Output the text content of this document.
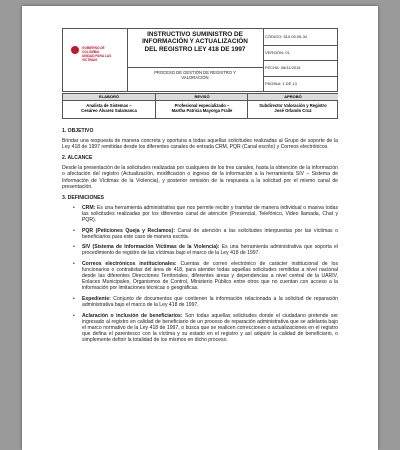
GOBIERNO DE
COLOMBIA
UNIDAD PARA LAS VÍCTIMAS
INSTRUCTIVO SUMINISTRO DE
INFORMACIÓN Y ACTUALIZACIÓN
DEL REGISTRO LEY 418 DE 1997
PROCESO DE GESTIÓN DE REGISTRO Y
VALORACIÓN
CÓDIGO: 510.05.05-34
VERSIÓN: 01
FECHA: 08/11/2016
PÁGINA: 1 DE 13
ELABORÓ
Analista de Sistemas –
Cesáreo Álvarez Salamanca
REVISÓ
Profesional especializado –
Martha Patricia Mayorga Fraile
APROBÓ
Subdirector Valoración y Registro
José Orlando Cruz

1. OBJETIVO

Brindar una respuesta de manera concreta y oportuna a todas aquellas solicitudes realizadas al Grupo de soporte de la Ley 418 de 1997 remitidas desde los diferentes canales de entrada CRM, PQR (Canal escrito) y Correos electrónicos.

2. ALCANCE

Desde la presentación de la solicitudes realizadas por cualquiera de los tres canales, hasta la obtención de la información o afectación del registro (Actualización, modificación o ingreso de la información a la herramienta SIV – Sistema de Información de Víctimas de la Violencia), y posterior remisión de la respuesta a la solicitud por el mismo canal de presentación.

3. DEFINICIONES

• CRM: Es una herramienta administrativa que nos permite recibir y tramitar de manera individual o masiva todas las solicitudes realizadas por los diferentes canal de atención (Presencial, Telefónico, Video llamada, Chat y PQR).

• PQR (Peticiones Queja y Reclamos): Canal de atención a las solicitudes interpuestas por las víctimas o beneficiarios para este caso de manera escrita.

• SIV (Sistema de Información Víctimas de la Violencia): Es una herramienta administrativa que soporta el procedimiento de registro de las víctimas bajo el marco de la Ley 418 de 1997.

• Correos electrónicos institucionales: Cuentas de correo electrónico de carácter institucional de los funcionarios o contratistas del área de 418, para atender todas aquellas solicitudes remitidas a nivel nacional desde las diferentes Direcciones Territoriales, diferentes áreas y dependencias a nivel central de la UARIV, Enlaces Municipales, Organismos de Control, Ministerio Público entre otros que no cuentan con acceso a la información por limitaciones técnicas o geográficas.

• Expediente: Conjunto de documentos que contienen la información relacionada a la solicitud de reparación administrativa bajo el marco de la Ley 418 de 1997.

• Aclaración o inclusión de beneficiarios: Son todas aquellas solicitudes donde el ciudadano pretende ser ingresado al registro en calidad de beneficiario de un proceso de reparación administrativa que se adelanta bajo el marco normativo de la Ley 418 de 1997, o busca que se realicen correcciones o actualizaciones en el registro que defina el parentesco con la víctima y su estado en el registro y así adquirir la calidad de beneficiario, o simplemente definir la totalidad de los mismos en dicho proceso.
